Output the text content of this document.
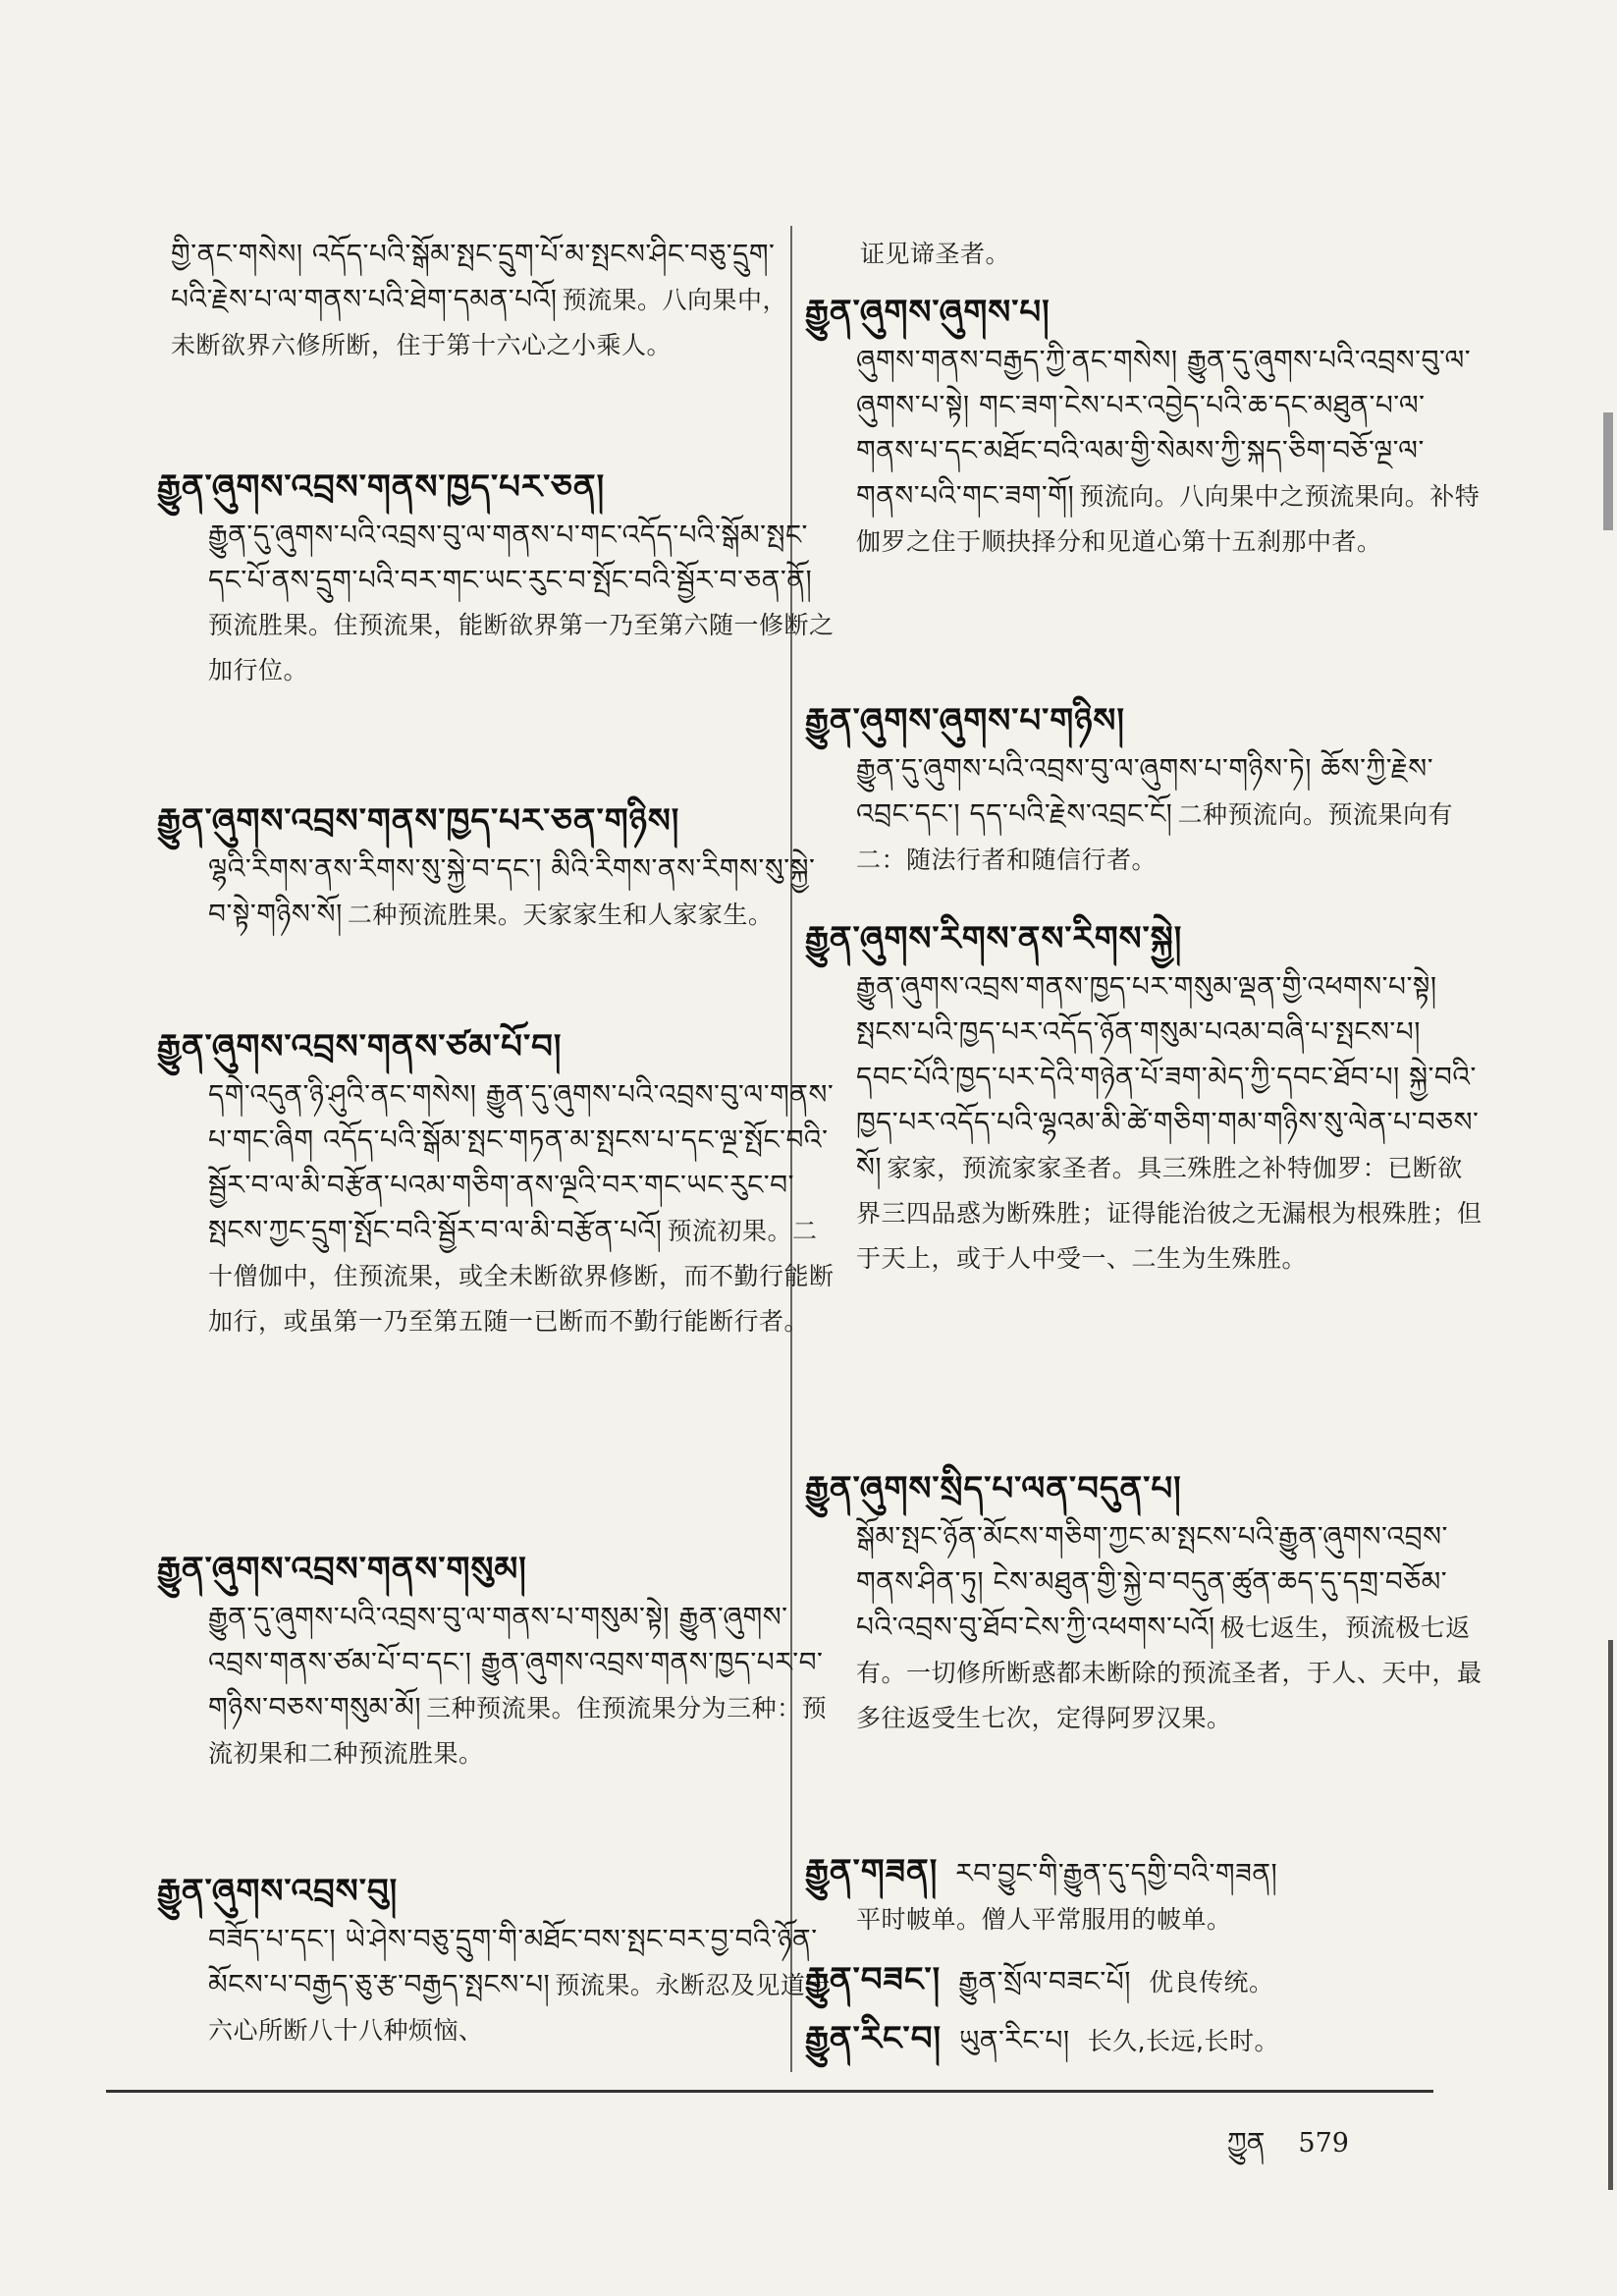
གྱི་ནང་གསེས། འདོད་པའི་སྒོམ་སྤང་དྲུག་པོ་མ་སྤངས་ཤིང་བཅུ་དྲུག་པའི་རྗེས་པ་ལ་གནས་པའི་ཐེག་དམན་པའོ། 预流果。八向果中，未断欲界六修所断，住于第十六心之小乘人。
རྒྱུན་ཞུགས་འབྲས་གནས་ཁྱད་པར་ཅན།
རྒྱུན་དུ་ཞུགས་པའི་འབྲས་བུ་ལ་གནས་པ་གང་འདོད་པའི་སྒོམ་སྤང་དང་པོ་ནས་དྲུག་པའི་བར་གང་ཡང་རུང་བ་སྤོང་བའི་སྦྱོར་བ་ཅན་ནོ། 预流胜果。住预流果，能断欲界第一乃至第六随一修断之加行位。
རྒྱུན་ཞུགས་འབྲས་གནས་ཁྱད་པར་ཅན་གཉིས།
ལྷའི་རིགས་ནས་རིགས་སུ་སྐྱེ་བ་དང་། མིའི་རིགས་ནས་རིགས་སུ་སྐྱེ་བ་སྟེ་གཉིས་སོ། 二种预流胜果。天家家生和人家家生。
རྒྱུན་ཞུགས་འབྲས་གནས་ཙམ་པོ་བ།
དགེ་འདུན་ཉི་ཤུའི་ནང་གསེས། རྒྱུན་དུ་ཞུགས་པའི་འབྲས་བུ་ལ་གནས་པ་གང་ཞིག འདོད་པའི་སྒོམ་སྤང་གཏན་མ་སྤངས་པ་དང་ལྔ་སྤོང་བའི་སྦྱོར་བ་ལ་མི་བརྩོན་པའམ་གཅིག་ནས་ལྔའི་བར་གང་ཡང་རུང་བ་སྤངས་ཀྱང་དྲུག་སྤོང་བའི་སྦྱོར་བ་ལ་མི་བརྩོན་པའོ། 预流初果。二十僧伽中，住预流果，或全未断欲界修断，而不勤行能断加行，或虽第一乃至第五随一已断而不勤行能断行者。
རྒྱུན་ཞུགས་འབྲས་གནས་གསུམ།
རྒྱུན་དུ་ཞུགས་པའི་འབྲས་བུ་ལ་གནས་པ་གསུམ་སྟེ། རྒྱུན་ཞུགས་འབྲས་གནས་ཙམ་པོ་བ་དང་། རྒྱུན་ཞུགས་འབྲས་གནས་ཁྱད་པར་བ་གཉིས་བཅས་གསུམ་མོ། 三种预流果。住预流果分为三种：预流初果和二种预流胜果。
རྒྱུན་ཞུགས་འབྲས་བུ།
བཟོད་པ་དང་། ཡེ་ཤེས་བཅུ་དྲུག་གི་མཐོང་བས་སྤང་བར་བྱ་བའི་ཉོན་མོངས་པ་བརྒྱད་ཅུ་རྩ་བརྒྱད་སྤངས་པ། 预流果。永断忍及见道十六心所断八十八种烦恼、
证见谛圣者。
རྒྱུན་ཞུགས་ཞུགས་པ།
ཞུགས་གནས་བརྒྱད་ཀྱི་ནང་གསེས། རྒྱུན་དུ་ཞུགས་པའི་འབྲས་བུ་ལ་ཞུགས་པ་སྟེ། གང་ཟག་ངེས་པར་འབྱེད་པའི་ཆ་དང་མཐུན་པ་ལ་གནས་པ་དང་མཐོང་བའི་ལམ་གྱི་སེམས་ཀྱི་སྐད་ཅིག་བཅོ་ལྔ་ལ་གནས་པའི་གང་ཟག་གོ། 预流向。八向果中之预流果向。补特伽罗之住于顺抉择分和见道心第十五刹那中者。
རྒྱུན་ཞུགས་ཞུགས་པ་གཉིས།
རྒྱུན་དུ་ཞུགས་པའི་འབྲས་བུ་ལ་ཞུགས་པ་གཉིས་ཏེ། ཆོས་ཀྱི་རྗེས་འབྲང་དང་། དད་པའི་རྗེས་འབྲང་ངོ། 二种预流向。预流果向有二：随法行者和随信行者。
རྒྱུན་ཞུགས་རིགས་ནས་རིགས་སྐྱེ།
རྒྱུན་ཞུགས་འབྲས་གནས་ཁྱད་པར་གསུམ་ལྡན་གྱི་འཕགས་པ་སྟེ། སྤངས་པའི་ཁྱད་པར་འདོད་ཉོན་གསུམ་པའམ་བཞི་པ་སྤངས་པ། དབང་པོའི་ཁྱད་པར་དེའི་གཉེན་པོ་ཟག་མེད་ཀྱི་དབང་ཐོབ་པ། སྐྱེ་བའི་ཁྱད་པར་འདོད་པའི་ལྷའམ་མི་ཚེ་གཅིག་གམ་གཉིས་སུ་ལེན་པ་བཅས་སོ། 家家，预流家家圣者。具三殊胜之补特伽罗：已断欲界三四品惑为断殊胜；证得能治彼之无漏根为根殊胜；但于天上，或于人中受一、二生为生殊胜。
རྒྱུན་ཞུགས་སྲིད་པ་ལན་བདུན་པ།
སྒོམ་སྤང་ཉོན་མོངས་གཅིག་ཀྱང་མ་སྤངས་པའི་རྒྱུན་ཞུགས་འབྲས་གནས་ཤིན་ཏུ། ངེས་མཐུན་གྱི་སྐྱེ་བ་བདུན་ཚུན་ཆད་དུ་དགྲ་བཅོམ་པའི་འབྲས་བུ་ཐོབ་ངེས་ཀྱི་འཕགས་པའོ། 极七返生，预流极七返有。一切修所断惑都未断除的预流圣者，于人、天中，最多往返受生七次，定得阿罗汉果。
རྒྱུན་གཟན། རབ་བྱུང་གི་རྒྱུན་དུ་དགྱི་བའི་གཟན།
平时帔单。僧人平常服用的帔单。
རྒྱུན་བཟང་། རྒྱུན་སྲོལ་བཟང་པོ། 优良传统。
རྒྱུན་རིང་བ། ཡུན་རིང་པ། 长久,长远,长时。
ཀྱུན 579
